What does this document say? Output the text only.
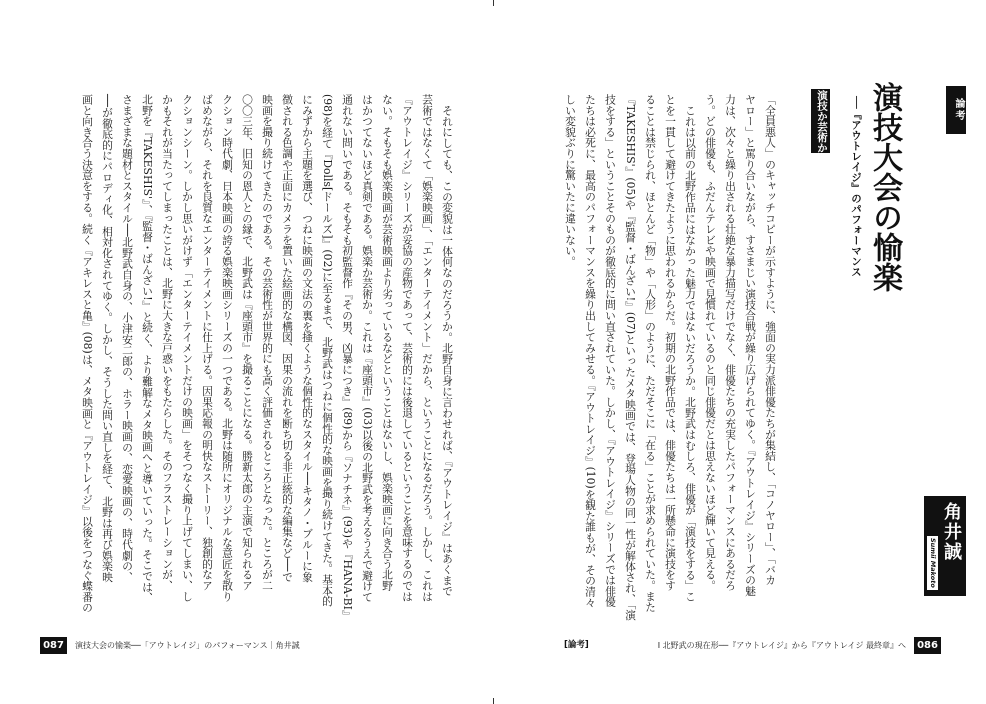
それにしても、この変貌は一体何なのだろうか。北野自身に言わせれば、『アウトレイジ』はあくまで
芸術ではなくて「娯楽映画」、「エンターテイメント」だから、ということになるだろう。しかし、これは
『アウトレイジ』シリーズが妥協の産物であって、芸術的には後退しているということを意味するのでは
ない。そもそも娯楽映画が芸術映画より劣っているなどということはないし、娯楽映画に向き合う北野
はかつてないほど真剣である。娯楽か芸術か。これは『座頭市』(03)以後の北野武を考えるうえで避けて
通れない問いである。そもそも初監督作『その男、凶暴につき』(89)から『ソナチネ』(93)や『HANA-BI』
(98)を経て『Dolls[ドールズ]』(02)に至るまで、北野武はつねに個性的な映画を撮り続けてきた。基本的
にみずから主題を選び、つねに映画の文法の裏を掻くような個性的なスタイル──キタノ・ブルーに象
徴される色調や正面にカメラを置いた絵画的な構図、因果の流れを断ち切る非正統的な編集など──で
映画を撮り続けてきたのである。その芸術性が世界的にも高く評価されるところとなった。ところが二
〇〇三年、旧知の恩人との縁で、北野武は『座頭市』を撮ることになる。勝新太郎の主演で知られるア
クション時代劇、日本映画の誇る娯楽映画シリーズの一つである。北野は随所にオリジナルな意匠を散り
ばめながら、それを良質なエンターテイメントに仕上げる。因果応報の明快なストーリー、独創的なア
クションシーン。しかし思いがけず「エンターテイメントだけの映画」をそつなく撮り上げてしまい、し
かもそれが当たってしまったことは、北野に大きな戸惑いをもたらした。そのフラストレーションが、
北野を『TAKESHIS'』、『監督・ばんざい!』と続く、より難解なメタ映画へと導いていった。そこでは、
さまざまな題材とスタイル──北野武自身の、小津安二郎の、ホラー映画の、恋愛映画の、時代劇の、
──が徹底的にパロディ化、相対化されてゆく。しかし、そうした問い直しを経て、北野は再び娯楽映
画と向き合う決意をする。続く『アキレスと亀』(08)は、メタ映画と『アウトレイジ』以後をつなぐ蝶番の
087	演技大会の愉楽──「アウトレイジ」のパフォーマンス｜角井誠
論考
演技大会の愉楽
──『アウトレイジ』のパフォーマンス
演技か芸術か
角井誠
Sumii Makoto
「全員悪人」のキャッチコピーが示すように、強面の実力派俳優たちが集結し、「コノヤロー」、「バカ
ヤロー」と罵り合いながら、すさまじい演技合戦が繰り広げられてゆく。『アウトレイジ』シリーズの魅
力は、次々と繰り出される壮絶な暴力描写だけでなく、俳優たちの充実したパフォーマンスにあるだろ
う。どの俳優も、ふだんテレビや映画で見慣れているのと同じ俳優だとは思えないほど輝いて見える。
これは以前の北野作品にはなかった魅力ではないだろうか。北野武はむしろ、俳優が「演技をする」こ
とを一貫して避けてきたように思われるからだ。初期の北野作品では、俳優たちは一所懸命に演技をす
ることは禁じられ、ほとんど「物」や「人形」のように、ただそこに「在る」ことが求められていた。また
『TAKESHIS'』(05)や『監督・ばんざい!』(07)といったメタ映画では、登場人物の同一性が解体され、「演
技をする」ということそのものが徹底的に問い直されていた。しかし、『アウトレイジ』シリーズでは俳優
たちは必死に、最高のパフォーマンスを繰り出してみせる。『アウトレイジ』(10)を観た誰もが、その清々
しい変貌ぶりに驚いたに違いない。
[論考]	I 北野武の現在形──『アウトレイジ』から『アウトレイジ 最終章』へ	086
